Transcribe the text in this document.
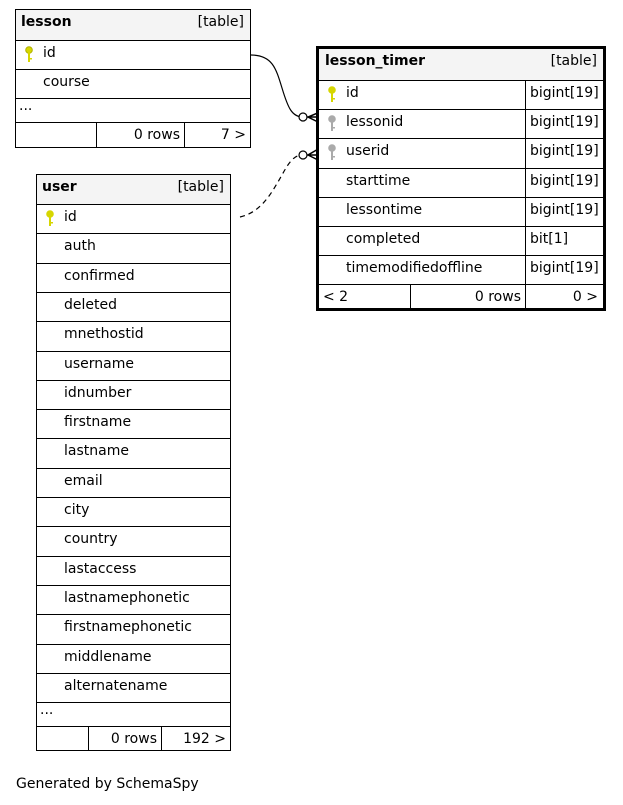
lesson	[table]
id
course
...
0 rows	7 >
user	[table]
id
auth
confirmed
deleted
mnethostid
username
idnumber
firstname
lastname
email
city
country
lastaccess
lastnamephonetic
firstnamephonetic
middlename
alternatename
...
0 rows 192 >
lesson_timer	[table]
id	bigint[19]
lessonid	bigint[19]
userid	bigint[19]
starttime	bigint[19]
lessontime	bigint[19]
completed	bit[1]
timemodifiedoffline	bigint[19]
< 2	0 rows	0 >
Generated by SchemaSpy
